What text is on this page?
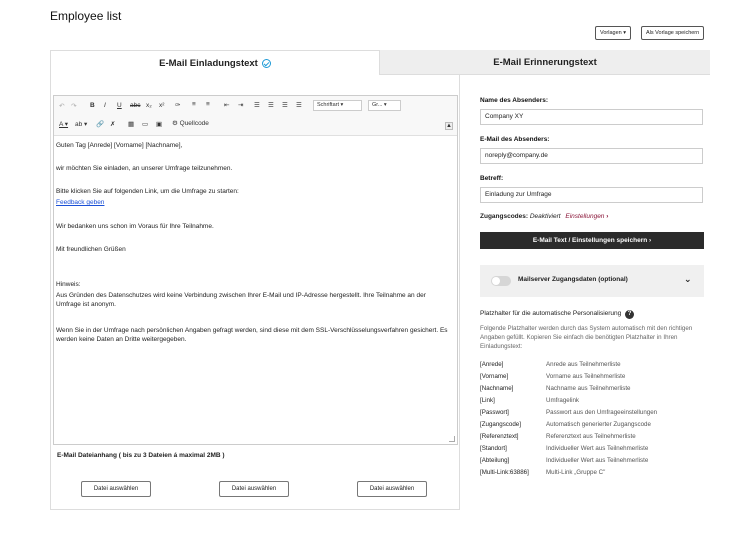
Employee list
Vorlagen ▾	Als Vorlage speichern
E-Mail Einladungstext	E-Mail Erinnerungstext
↶ ↷ B I U abc x₂ x² ✑ ≡ ≡ ⇤ ⇥ ☰ ☰ ☰ ☰	Schriftart ▾	Gr... ▾
A ▾ ab ▾ 🔗 ✗ ▦ ▭ ▣ ⚙ Quellcode	▲

Guten Tag [Anrede] [Vorname] [Nachname],

wir möchten Sie einladen, an unserer Umfrage teilzunehmen.

Bitte klicken Sie auf folgenden Link, um die Umfrage zu starten:

Feedback geben

Wir bedanken uns schon im Voraus für Ihre Teilnahme.

Mit freundlichen Grüßen

Hinweis:

Aus Gründen des Datenschutzes wird keine Verbindung zwischen Ihrer E-Mail und IP-Adresse hergestellt. Ihre Teilnahme an der Umfrage ist anonym.

Wenn Sie in der Umfrage nach persönlichen Angaben gefragt werden, sind diese mit dem SSL-Verschlüsselungsverfahren gesichert. Es werden keine Daten an Dritte weitergegeben.

E-Mail Dateianhang ( bis zu 3 Dateien á maximal 2MB )
Datei auswählen	Datei auswählen	Datei auswählen
Name des Absenders:
Company XY
E-Mail des Absenders:
noreply@company.de
Betreff:
Einladung zur Umfrage
Zugangscodes: Deaktiviert Einstellungen ›
E-Mail Text / Einstellungen speichern ›
Mailserver Zugangsdaten (optional)	⌄
Platzhalter für die automatische Personalisierung ?
Folgende Platzhalter werden durch das System automatisch mit den richtigen Angaben gefüllt. Kopieren Sie einfach die benötigten Platzhalter in Ihren Einladungstext:
[Anrede]	Anrede aus Teilnehmerliste
[Vorname]	Vorname aus Teilnehmerliste
[Nachname]	Nachname aus Teilnehmerliste
[Link]	Umfragelink
[Passwort]	Passwort aus den Umfrageeinstellungen
[Zugangscode]	Automatisch generierter Zugangscode
[Referenztext]	Referenztext aus Teilnehmerliste
[Standort]	Individueller Wert aus Teilnehmerliste
[Abteilung]	Individueller Wert aus Teilnehmerliste
[Multi-Link:63886]	Multi-Link „Gruppe C"
